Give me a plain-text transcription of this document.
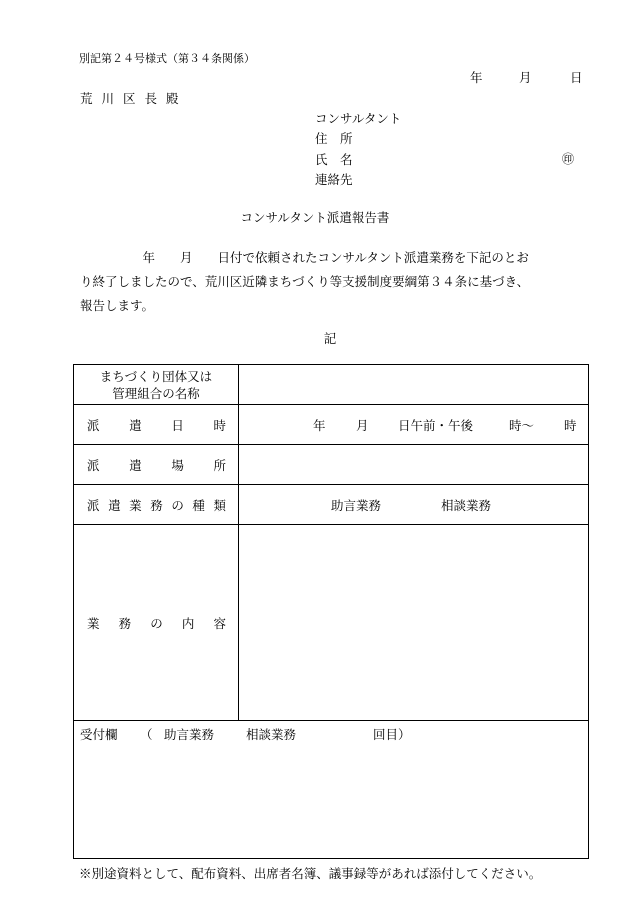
別記第２４号様式（第３４条関係）
年	月	日
荒川区長殿
コンサルタント
住　所
氏　名	㊞
連絡先
コンサルタント派遣報告書
　　　　　年　　月　　日付で依頼されたコンサルタント派遣業務を下記のとお
り終了しましたので、荒川区近隣まちづくり等支援制度要綱第３４条に基づき、
報告します。
記
まちづくり団体又は
管理組合の名称
派 遣 日 時	年 月 日午前・午後	時～ 時
派 遣 場 所
派 遣 業 務 の 種 類	助言業務	相談業務
業 務 の 内 容
受付欄 （ 助言業務	相談業務	回目）
※別途資料として、配布資料、出席者名簿、議事録等があれば添付してください。
